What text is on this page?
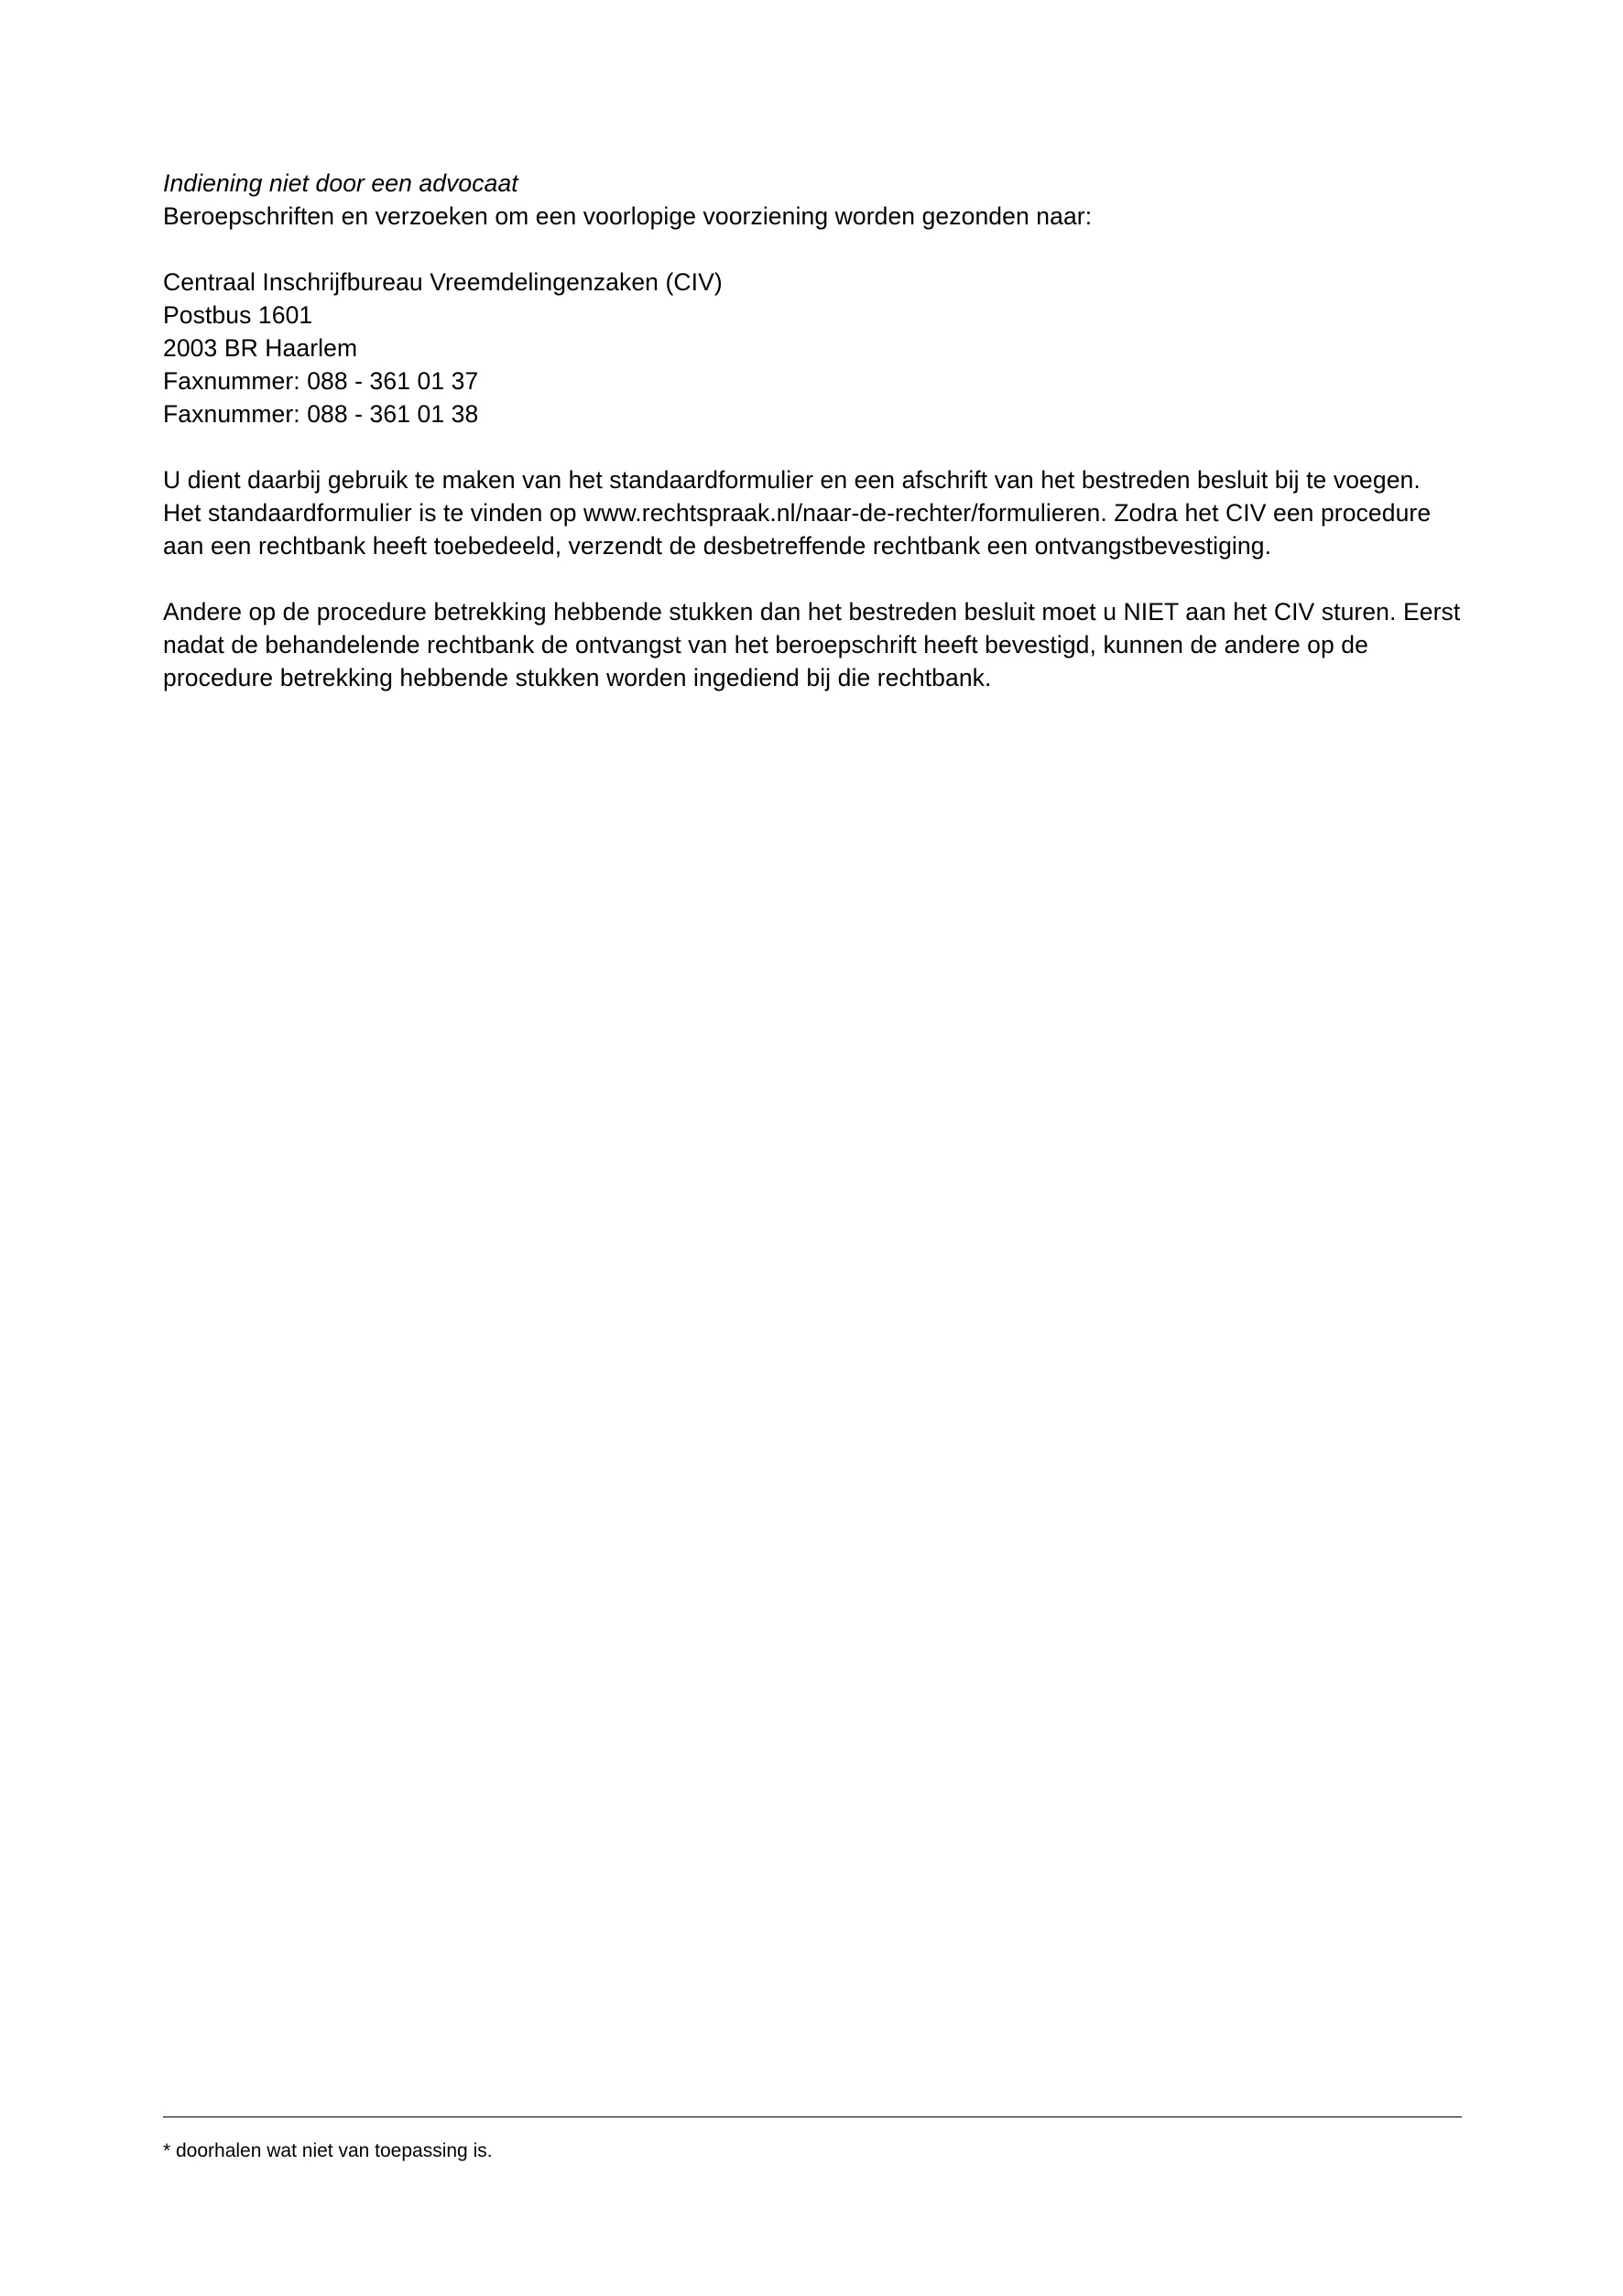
Indiening niet door een advocaat

Beroepschriften en verzoeken om een voorlopige voorziening worden gezonden naar:

Centraal Inschrijfbureau Vreemdelingenzaken (CIV)

Postbus 1601

2003 BR Haarlem

Faxnummer: 088 - 361 01 37

Faxnummer: 088 - 361 01 38

U dient daarbij gebruik te maken van het standaardformulier en een afschrift van het bestreden besluit bij te voegen. Het standaardformulier is te vinden op www.rechtspraak.nl/naar-de-rechter/formulieren. Zodra het CIV een procedure aan een rechtbank heeft toebedeeld, verzendt de desbetreffende rechtbank een ontvangstbevestiging.

Andere op de procedure betrekking hebbende stukken dan het bestreden besluit moet u NIET aan het CIV sturen. Eerst nadat de behandelende rechtbank de ontvangst van het beroepschrift heeft bevestigd, kunnen de andere op de procedure betrekking hebbende stukken worden ingediend bij die rechtbank.

* doorhalen wat niet van toepassing is.
